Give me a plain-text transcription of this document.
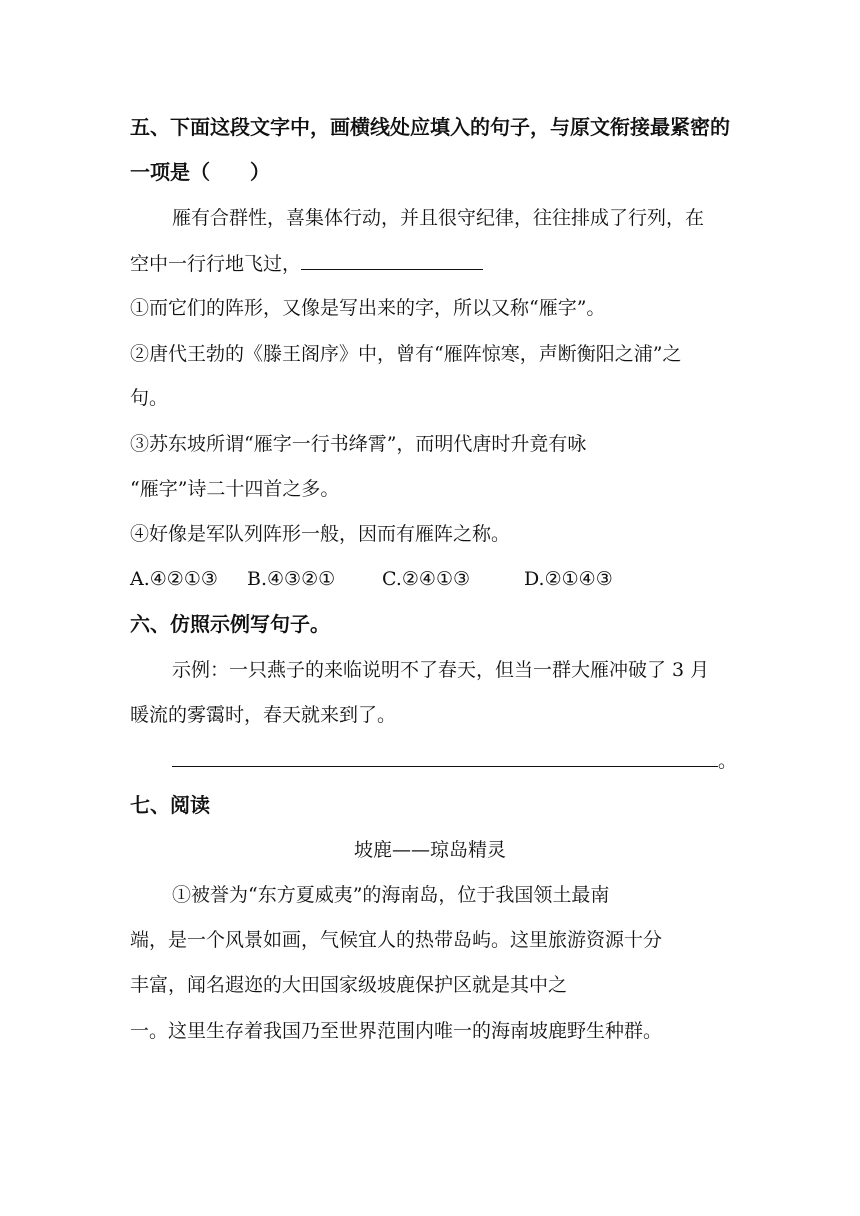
五、下面这段文字中，画横线处应填入的句子，与原文衔接最紧密的
一项是（　　）
雁有合群性，喜集体行动，并且很守纪律，往往排成了行列，在
空中一行行地飞过，
①而它们的阵形，又像是写出来的字，所以又称“雁字”。
②唐代王勃的《滕王阁序》中，曾有“雁阵惊寒，声断衡阳之浦”之
句。
③苏东坡所谓“雁字一行书绛霄”，而明代唐时升竟有咏
“雁字”诗二十四首之多。
④好像是军队列阵形一般，因而有雁阵之称。
A.④②①③ B.④③②① C.②④①③	D.②①④③
六、仿照示例写句子。
示例：一只燕子的来临说明不了春天，但当一群大雁冲破了 3 月
暖流的雾霭时，春天就来到了。
。
七、阅读
坡鹿——琼岛精灵
①被誉为“东方夏威夷”的海南岛，位于我国领土最南
端，是一个风景如画，气候宜人的热带岛屿。这里旅游资源十分
丰富，闻名遐迩的大田国家级坡鹿保护区就是其中之
一。这里生存着我国乃至世界范围内唯一的海南坡鹿野生种群。
